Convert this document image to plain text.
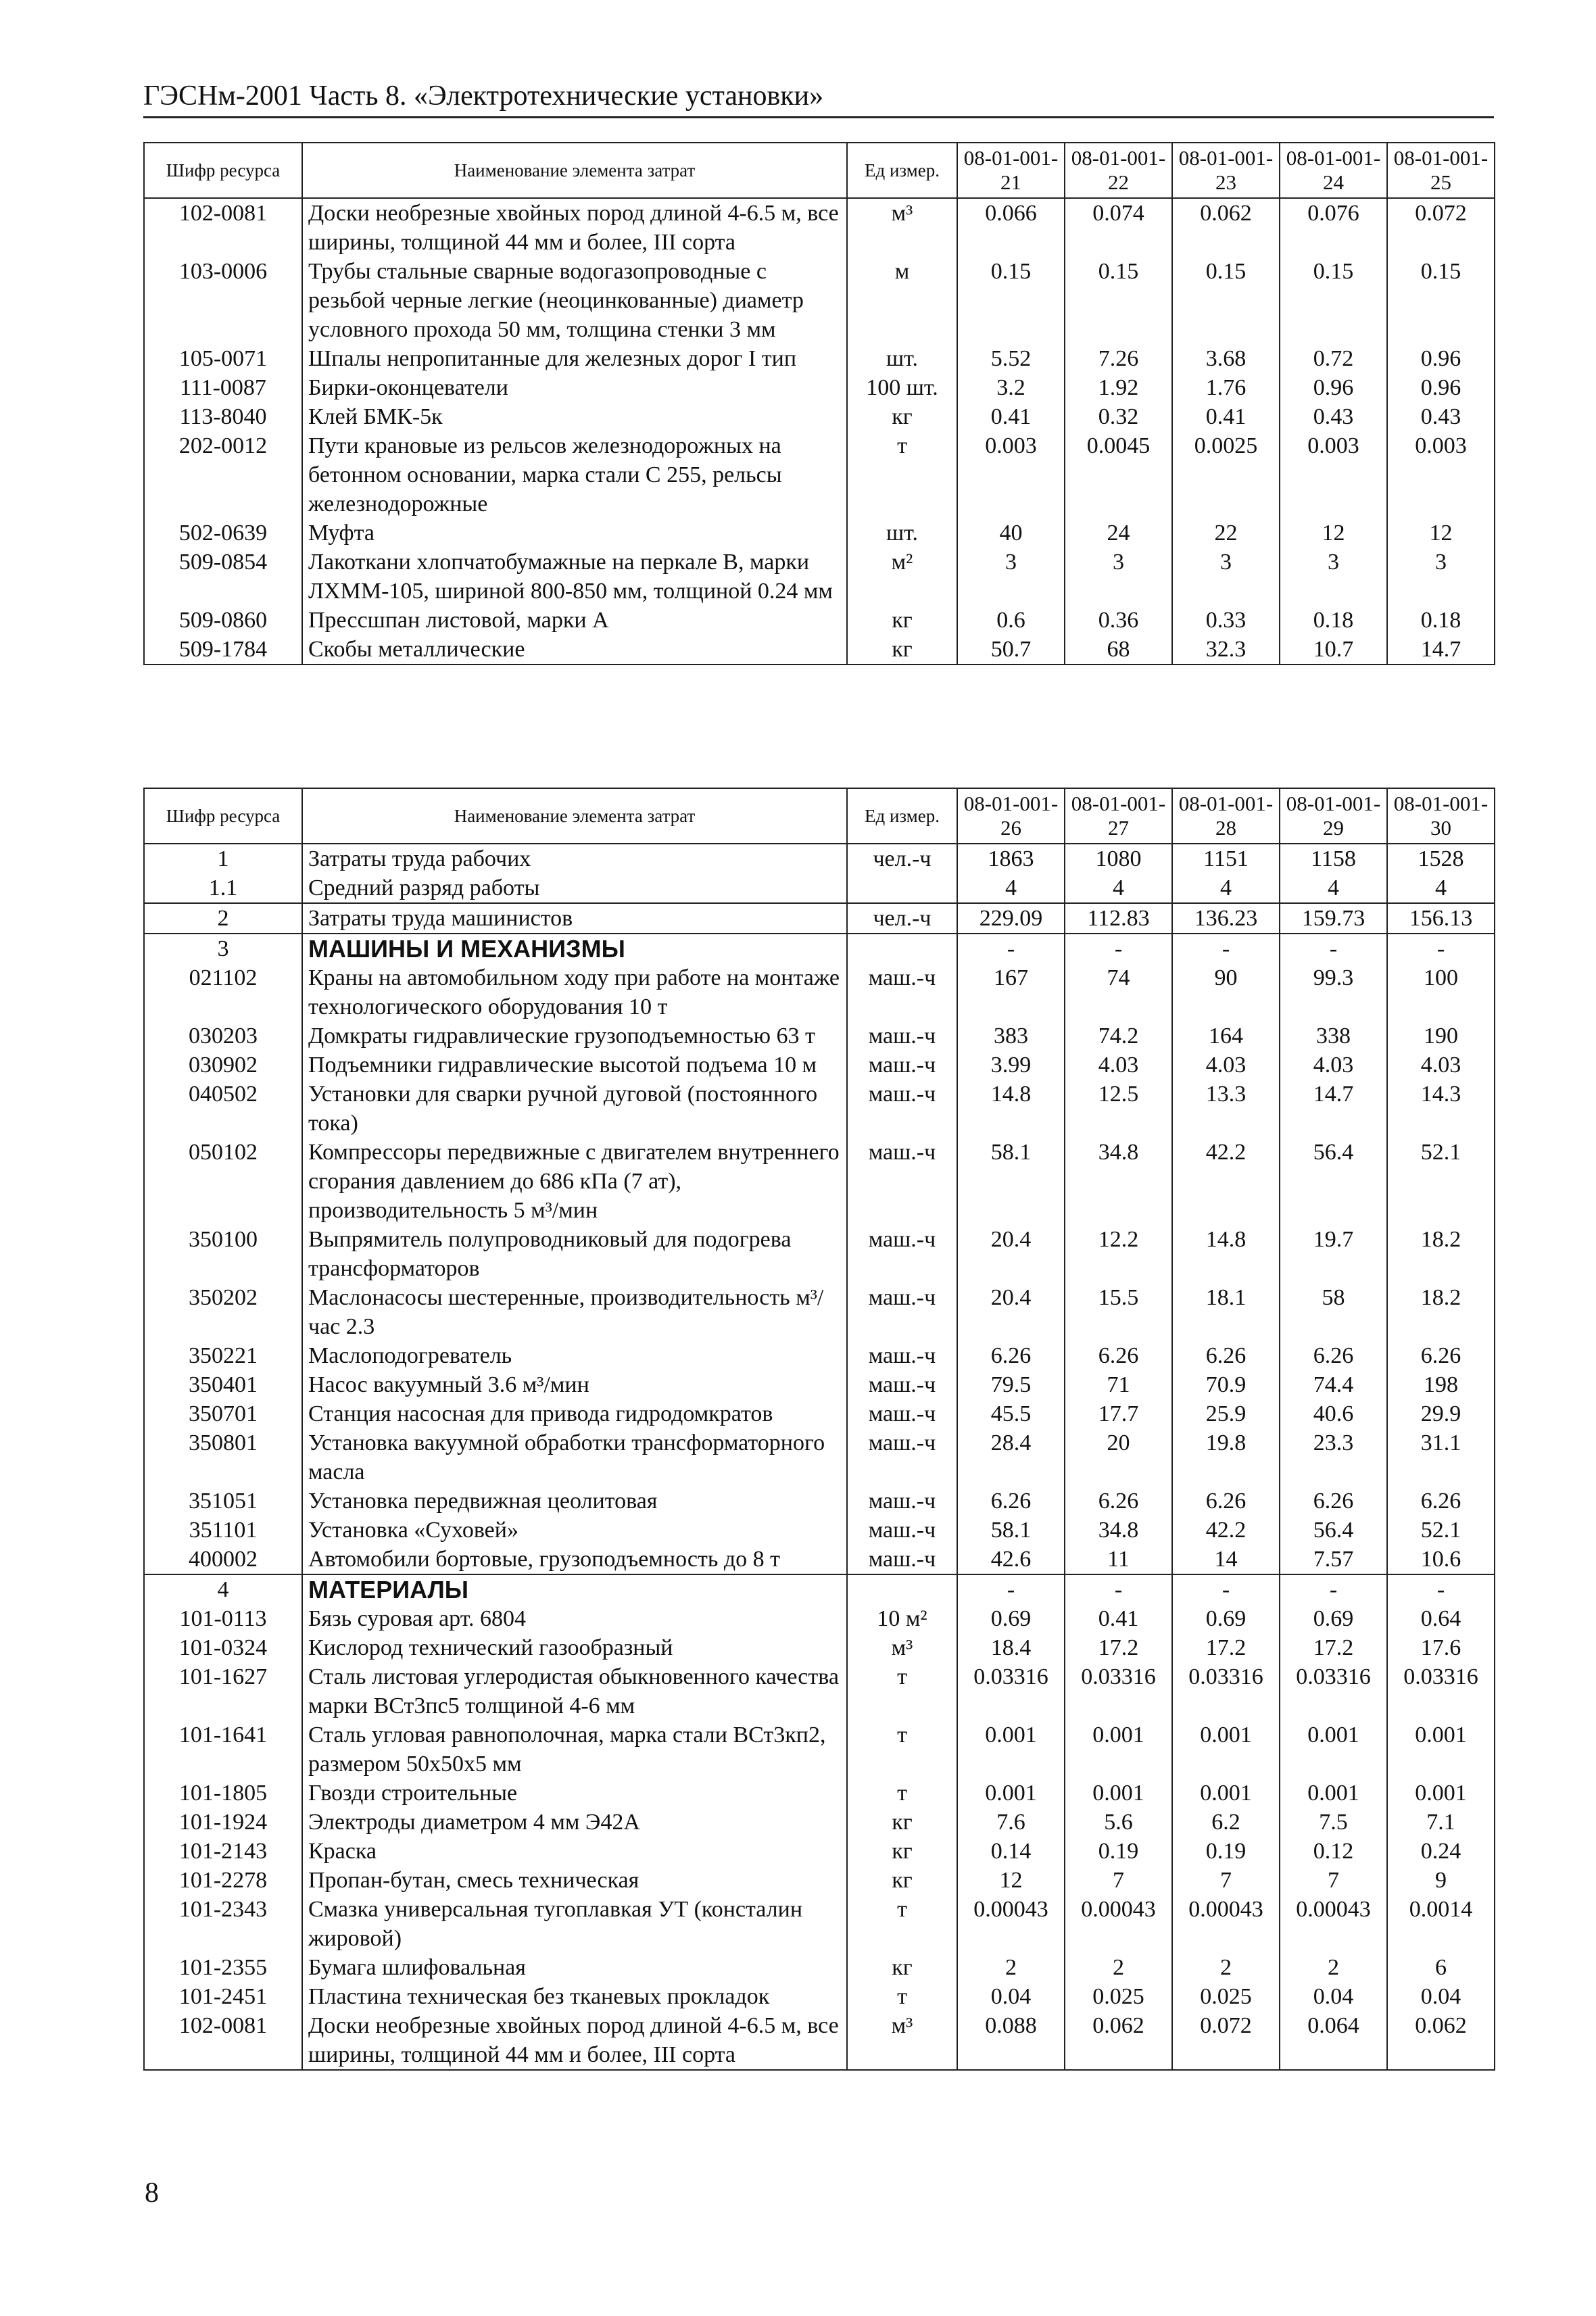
ГЭСНм-2001 Часть 8. «Электротехнические установки»
Шифр ресурса	Наименование элемента затрат	Ед измер.	08-01-001-21	08-01-001-22	08-01-001-23	08-01-001-24	08-01-001-25
102-0081	Доски необрезные хвойных пород длиной 4-6.5 м, все ширины, толщиной 44 мм и более, III сорта	м³	0.066	0.074	0.062	0.076	0.072
103-0006	Трубы стальные сварные водогазопроводные с резьбой черные легкие (неоцинкованные) диаметр условного прохода 50 мм, толщина стенки 3 мм	м	0.15	0.15	0.15	0.15	0.15
105-0071	Шпалы непропитанные для железных дорог I тип	шт.	5.52	7.26	3.68	0.72	0.96
111-0087	Бирки-оконцеватели	100 шт.	3.2	1.92	1.76	0.96	0.96
113-8040	Клей БМК-5к	кг	0.41	0.32	0.41	0.43	0.43
202-0012	Пути крановые из рельсов железнодорожных на бетонном основании, марка стали С 255, рельсы железнодорожные	т	0.003	0.0045	0.0025	0.003	0.003
502-0639	Муфта	шт.	40	24	22	12	12
509-0854	Лакоткани хлопчатобумажные на перкале В, марки ЛХММ-105, шириной 800-850 мм, толщиной 0.24 мм	м²	3	3	3	3	3
509-0860	Прессшпан листовой, марки А	кг	0.6	0.36	0.33	0.18	0.18
509-1784	Скобы металлические	кг	50.7	68	32.3	10.7	14.7
Шифр ресурса	Наименование элемента затрат	Ед измер.	08-01-001-26	08-01-001-27	08-01-001-28	08-01-001-29	08-01-001-30
1	Затраты труда рабочих	чел.-ч	1863	1080	1151	1158	1528
1.1	Средний разряд работы		4	4	4	4	4
2	Затраты труда машинистов	чел.-ч	229.09	112.83	136.23	159.73	156.13
3	МАШИНЫ И МЕХАНИЗМЫ		-	-	-	-	-
021102	Краны на автомобильном ходу при работе на монтаже технологического оборудования 10 т	маш.-ч	167	74	90	99.3	100
030203	Домкраты гидравлические грузоподъемностью 63 т	маш.-ч	383	74.2	164	338	190
030902	Подъемники гидравлические высотой подъема 10 м	маш.-ч	3.99	4.03	4.03	4.03	4.03
040502	Установки для сварки ручной дуговой (постоянного тока)	маш.-ч	14.8	12.5	13.3	14.7	14.3
050102	Компрессоры передвижные с двигателем внутреннего сгорания давлением до 686 кПа (7 ат), производительность 5 м³/мин	маш.-ч	58.1	34.8	42.2	56.4	52.1
350100	Выпрямитель полупроводниковый для подогрева трансформаторов	маш.-ч	20.4	12.2	14.8	19.7	18.2
350202	Маслонасосы шестеренные, производительность м³/час 2.3	маш.-ч	20.4	15.5	18.1	58	18.2
350221	Маслоподогреватель	маш.-ч	6.26	6.26	6.26	6.26	6.26
350401	Насос вакуумный 3.6 м³/мин	маш.-ч	79.5	71	70.9	74.4	198
350701	Станция насосная для привода гидродомкратов	маш.-ч	45.5	17.7	25.9	40.6	29.9
350801	Установка вакуумной обработки трансформаторного масла	маш.-ч	28.4	20	19.8	23.3	31.1
351051	Установка передвижная цеолитовая	маш.-ч	6.26	6.26	6.26	6.26	6.26
351101	Установка «Суховей»	маш.-ч	58.1	34.8	42.2	56.4	52.1
400002	Автомобили бортовые, грузоподъемность до 8 т	маш.-ч	42.6	11	14	7.57	10.6
4	МАТЕРИАЛЫ		-	-	-	-	-
101-0113	Бязь суровая арт. 6804	10 м²	0.69	0.41	0.69	0.69	0.64
101-0324	Кислород технический газообразный	м³	18.4	17.2	17.2	17.2	17.6
101-1627	Сталь листовая углеродистая обыкновенного качества марки ВСт3пс5 толщиной 4-6 мм	т	0.03316	0.03316	0.03316	0.03316	0.03316
101-1641	Сталь угловая равнополочная, марка стали ВСт3кп2, размером 50x50x5 мм	т	0.001	0.001	0.001	0.001	0.001
101-1805	Гвозди строительные	т	0.001	0.001	0.001	0.001	0.001
101-1924	Электроды диаметром 4 мм Э42А	кг	7.6	5.6	6.2	7.5	7.1
101-2143	Краска	кг	0.14	0.19	0.19	0.12	0.24
101-2278	Пропан-бутан, смесь техническая	кг	12	7	7	7	9
101-2343	Смазка универсальная тугоплавкая УТ (консталин жировой)	т	0.00043	0.00043	0.00043	0.00043	0.0014
101-2355	Бумага шлифовальная	кг	2	2	2	2	6
101-2451	Пластина техническая без тканевых прокладок	т	0.04	0.025	0.025	0.04	0.04
102-0081	Доски необрезные хвойных пород длиной 4-6.5 м, все ширины, толщиной 44 мм и более, III сорта	м³	0.088	0.062	0.072	0.064	0.062
8
